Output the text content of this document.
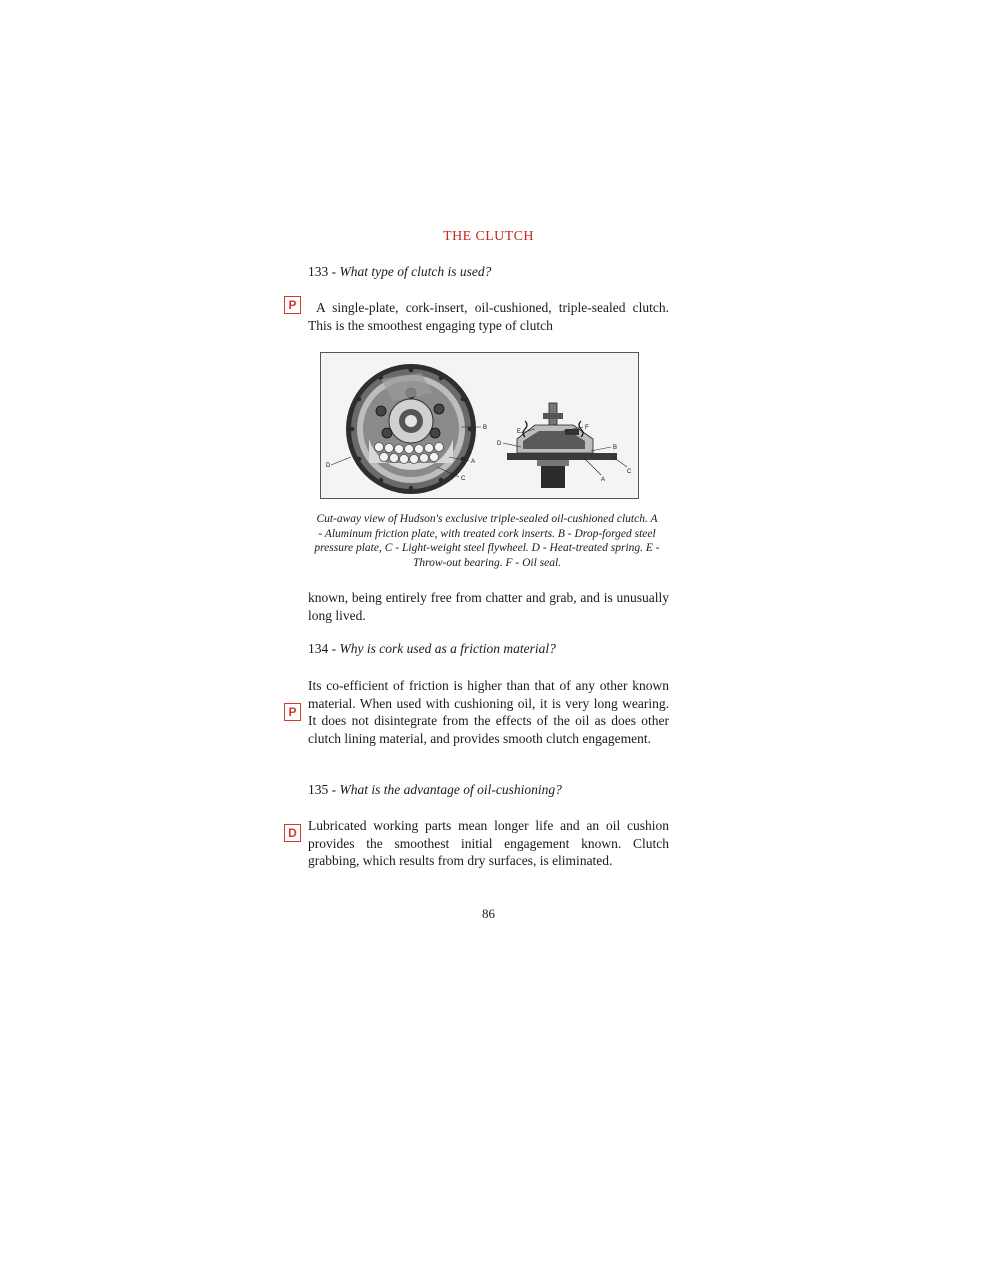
THE CLUTCH
133 - What type of clutch is used?
P	A single-plate, cork-insert, oil-cushioned, triple-sealed clutch. This is the smoothest engaging type of clutch

B
A
C
D
E
F
D
B
C
A

Cut-away view of Hudson's exclusive triple-sealed oil-cushioned clutch. A - Aluminum friction plate, with treated cork inserts. B - Drop-forged steel pressure plate, C - Light-weight steel flywheel. D - Heat-treated spring. E - Throw-out bearing. F - Oil seal.

known, being entirely free from chatter and grab, and is unusually long lived.

134 - Why is cork used as a friction material?
P

Its co-efficient of friction is higher than that of any other known material. When used with cushioning oil, it is very long wearing. It does not disintegrate from the effects of the oil as does other clutch lining material, and provides smooth clutch engagement.

135 - What is the advantage of oil-cushioning?
D Lubricated working parts mean longer life and an oil cushion provides the smoothest initial engagement known. Clutch grabbing, which results from dry surfaces, is eliminated.

86
